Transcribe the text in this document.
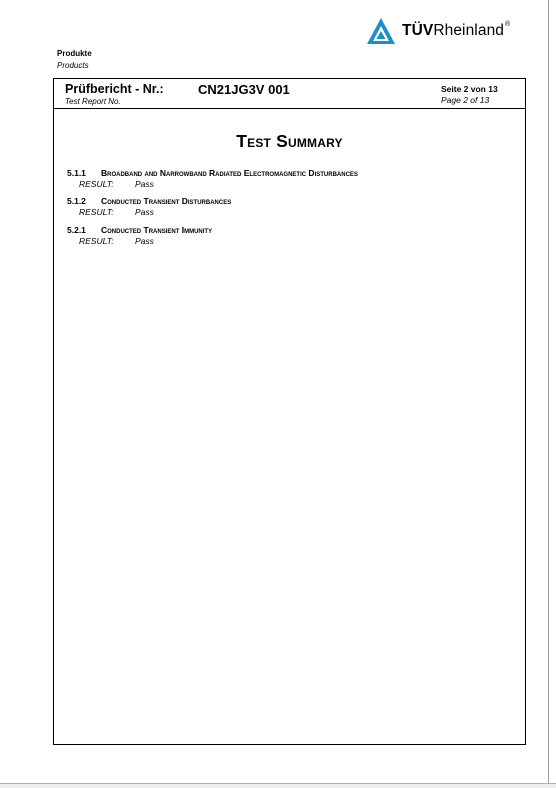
TÜVRheinland®
Produkte
Products
Prüfbericht - Nr.:
Test Report No.
CN21JG3V 001	Seite 2 von 13
Page 2 of 13
Test Summary
5.1.1 Broadband and Narrowband Radiated Electromagnetic Disturbances
RESULT:	Pass
5.1.2 Conducted Transient Disturbances
RESULT:	Pass
5.2.1 Conducted Transient Immunity
RESULT:	Pass
